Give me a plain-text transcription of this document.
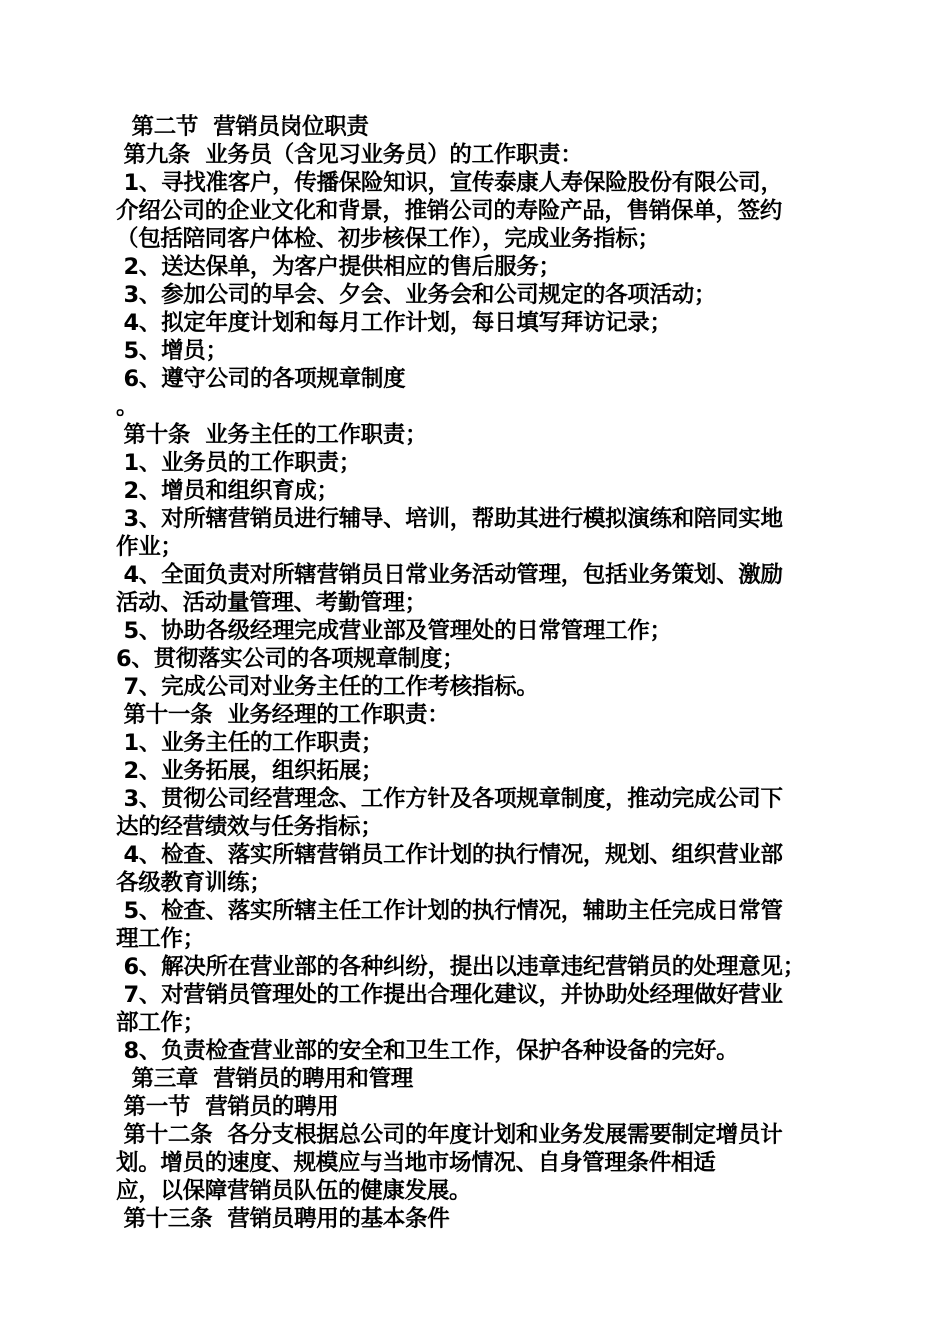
第二节  营销员岗位职责
第九条  业务员（含见习业务员）的工作职责：
1、寻找准客户，传播保险知识，宣传泰康人寿保险股份有限公司，
介绍公司的企业文化和背景，推销公司的寿险产品，售销保单，签约
（包括陪同客户体检、初步核保工作），完成业务指标；
2、送达保单，为客户提供相应的售后服务；
3、参加公司的早会、夕会、业务会和公司规定的各项活动；
4、拟定年度计划和每月工作计划，每日填写拜访记录；
5、增员；
6、遵守公司的各项规章制度
。
第十条  业务主任的工作职责；
1、业务员的工作职责；
2、增员和组织育成；
3、对所辖营销员进行辅导、培训，帮助其进行模拟演练和陪同实地
作业；
4、全面负责对所辖营销员日常业务活动管理，包括业务策划、激励
活动、活动量管理、考勤管理；
5、协助各级经理完成营业部及管理处的日常管理工作；
6、贯彻落实公司的各项规章制度；
7、完成公司对业务主任的工作考核指标。
第十一条  业务经理的工作职责：
1、业务主任的工作职责；
2、业务拓展，组织拓展；
3、贯彻公司经营理念、工作方针及各项规章制度，推动完成公司下
达的经营绩效与任务指标；
4、检查、落实所辖营销员工作计划的执行情况，规划、组织营业部
各级教育训练；
5、检查、落实所辖主任工作计划的执行情况，辅助主任完成日常管
理工作；
6、解决所在营业部的各种纠纷，提出以违章违纪营销员的处理意见；
7、对营销员管理处的工作提出合理化建议，并协助处经理做好营业
部工作；
8、负责检查营业部的安全和卫生工作，保护各种设备的完好。
第三章  营销员的聘用和管理
第一节  营销员的聘用
第十二条  各分支根据总公司的年度计划和业务发展需要制定增员计
划。增员的速度、规模应与当地市场情况、自身管理条件相适
应，以保障营销员队伍的健康发展。
第十三条  营销员聘用的基本条件
